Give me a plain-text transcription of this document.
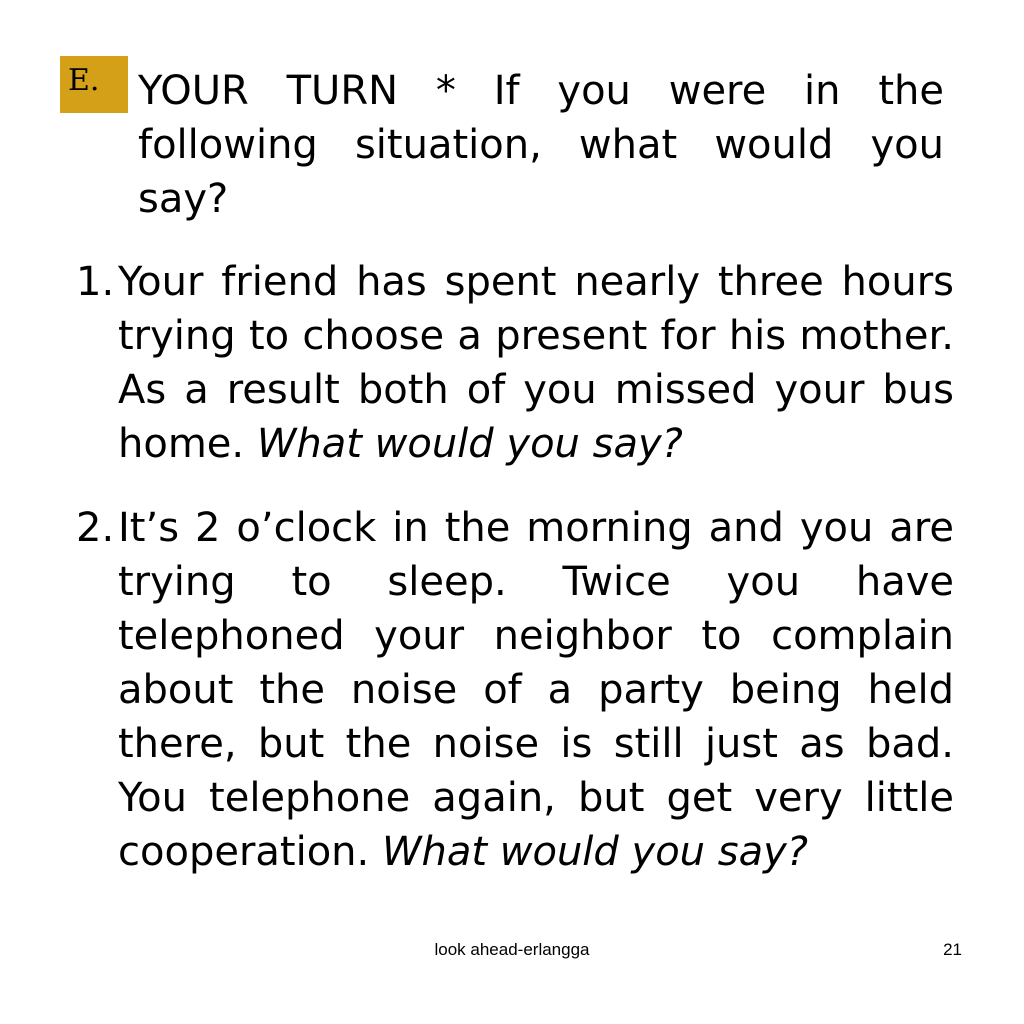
E. YOUR TURN * If you were in the following situation, what would you say?
1. Your friend has spent nearly three hours trying to choose a present for his mother. As a result both of you missed your bus home. What would you say?
2. It’s 2 o’clock in the morning and you are trying to sleep. Twice you have telephoned your neighbor to complain about the noise of a party being held there, but the noise is still just as bad. You telephone again, but get very little cooperation. What would you say?
look ahead-erlangga	21
